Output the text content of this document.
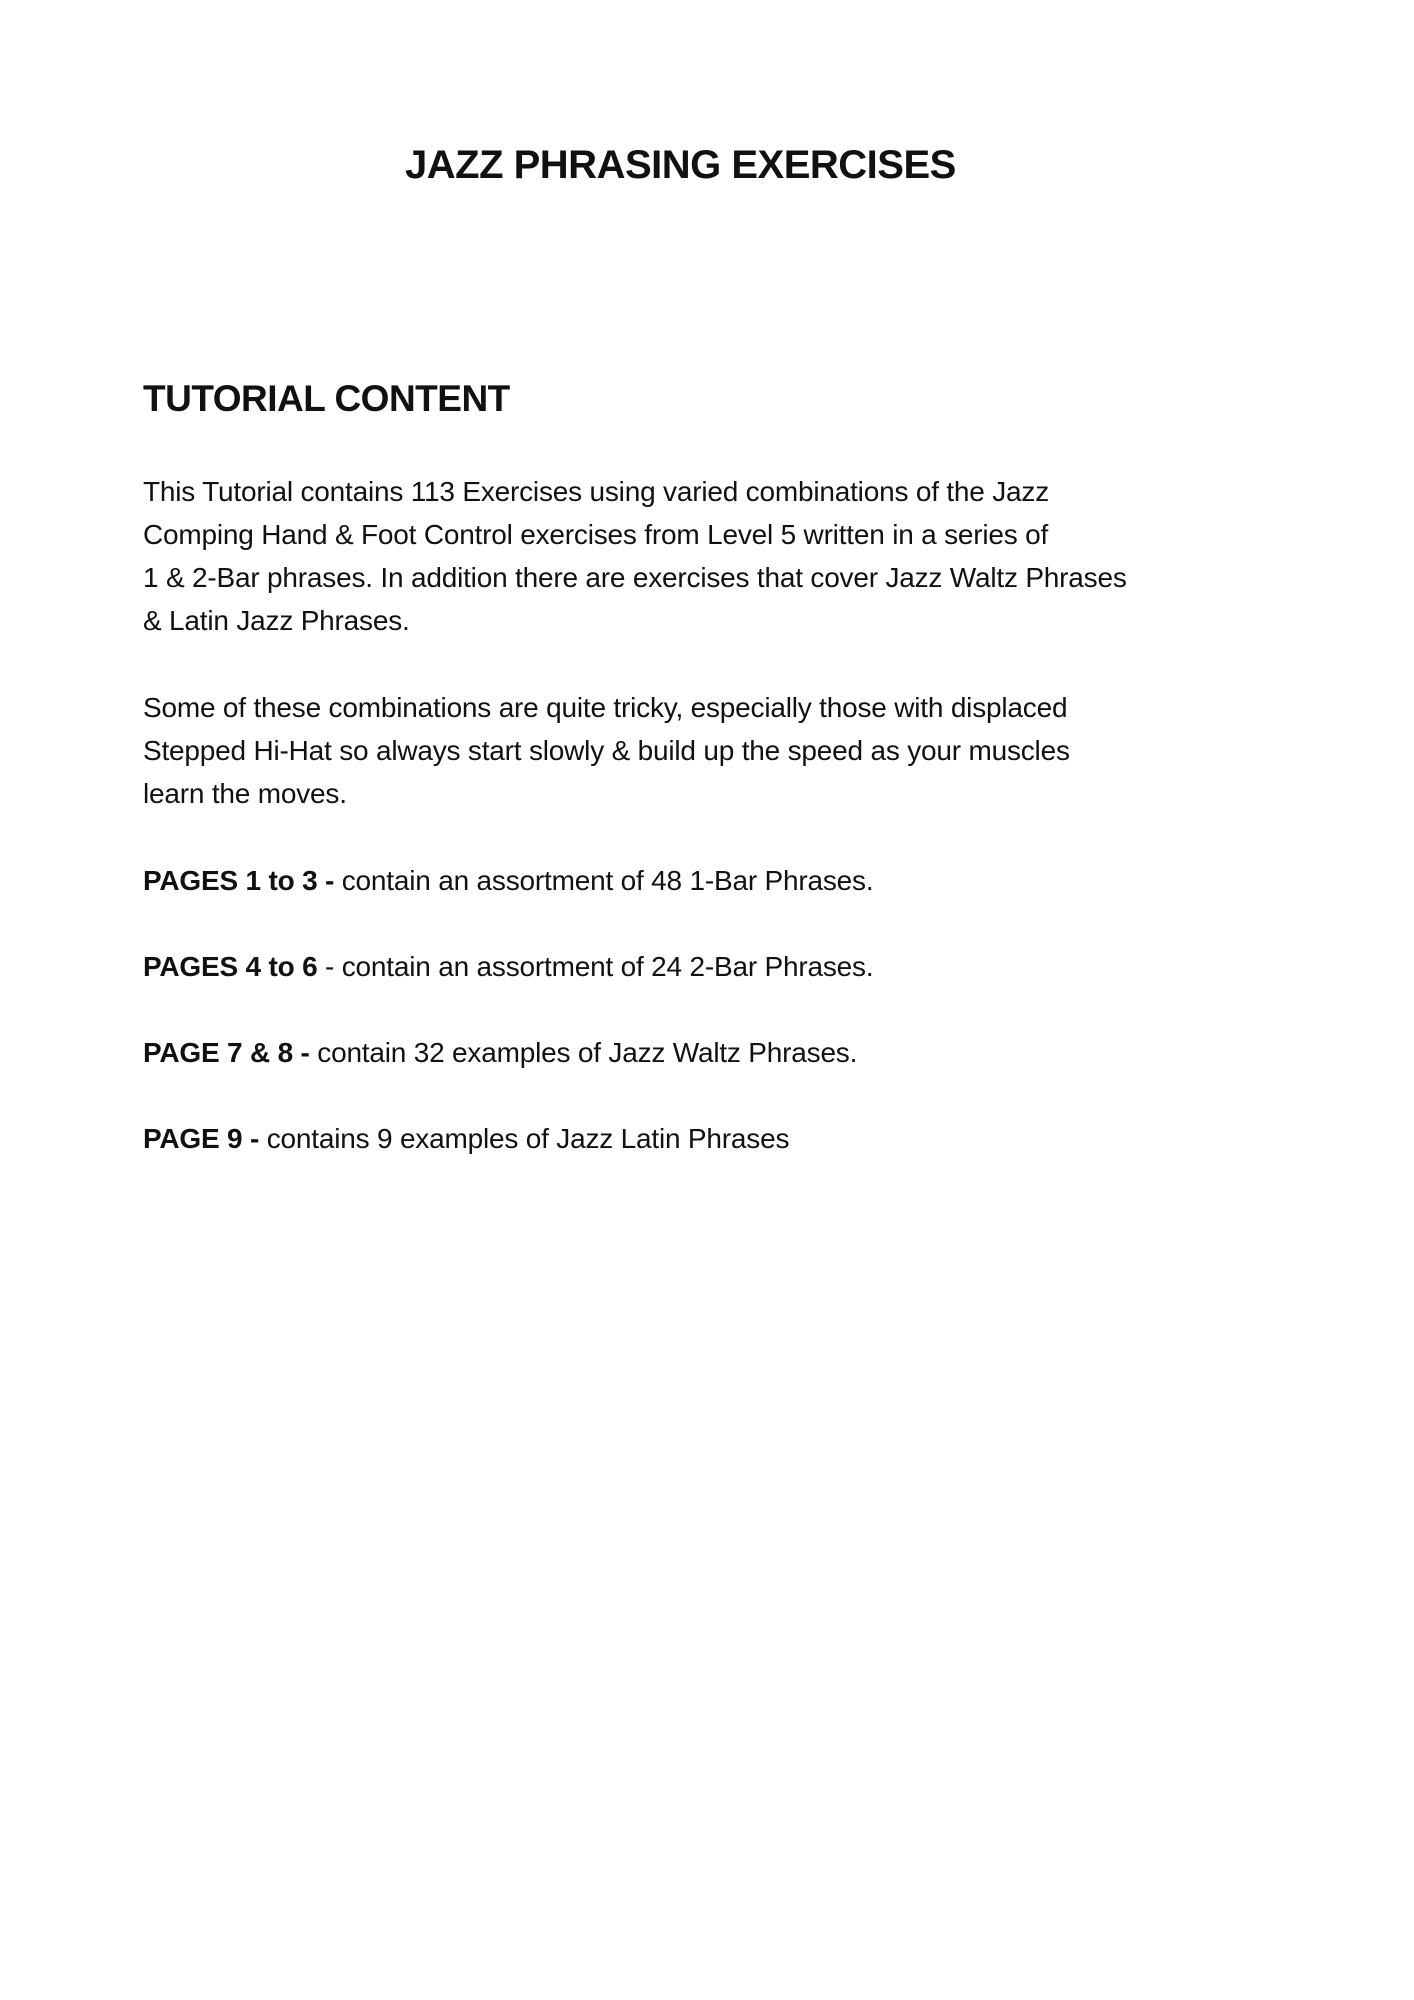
JAZZ PHRASING EXERCISES
TUTORIAL CONTENT

This Tutorial contains 113 Exercises using varied combinations of the Jazz
Comping Hand & Foot Control exercises from Level 5 written in a series of
1 & 2-Bar phrases. In addition there are exercises that cover Jazz Waltz Phrases
& Latin Jazz Phrases.

Some of these combinations are quite tricky, especially those with displaced
Stepped Hi-Hat so always start slowly & build up the speed as your muscles
learn the moves.

PAGES 1 to 3 - contain an assortment of 48 1-Bar Phrases.

PAGES 4 to 6 - contain an assortment of 24 2-Bar Phrases.

PAGE 7 & 8 - contain 32 examples of Jazz Waltz Phrases.

PAGE 9 - contains 9 examples of Jazz Latin Phrases
